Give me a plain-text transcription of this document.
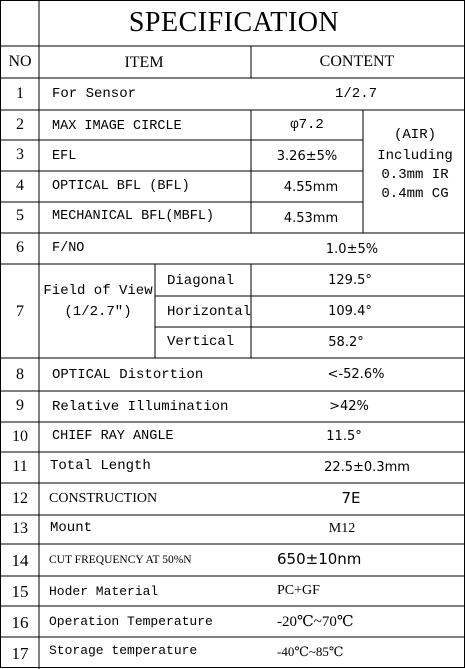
SPECIFICATION
NO	ITEM	CONTENT
1 For Sensor	1/2.7
2 MAX IMAGE CIRCLE	φ7.2
3 EFL	3.26±5%
4 OPTICAL BFL (BFL)	4.55mm
5 MECHANICAL BFL(MBFL)	4.53mm
(AIR)
Including
0.3mm IR
0.4mm CG
6 F/NO	1.0±5%
7
Field of View
(1/2.7")
Diagonal	129.5°
Horizontal	109.4°
Vertical	58.2°
8 OPTICAL Distortion	<-52.6%
9 Relative Illumination	>42%
10 CHIEF RAY ANGLE	11.5°
11 Total Length	22.5±0.3mm
12 CONSTRUCTION	7E
13 Mount	M12
14 CUT FREQUENCY AT 50%N	650±10nm
15 Hoder Material	PC+GF
16 Operation Temperature	-20℃~70℃
17 Storage temperature	-40℃~85℃
